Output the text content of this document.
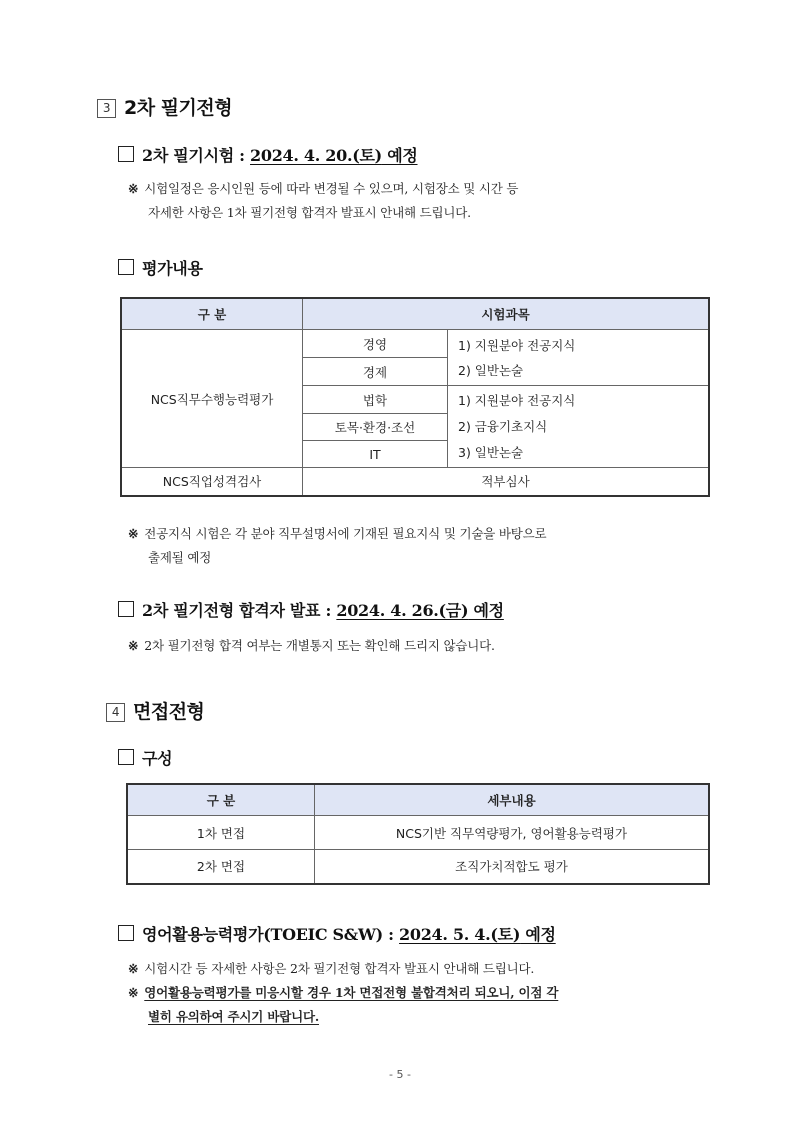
3 2차 필기전형
2차 필기시험 : 2024. 4. 20.(토) 예정
※ 시험일정은 응시인원 등에 따라 변경될 수 있으며, 시험장소 및 시간 등
자세한 사항은 1차 필기전형 합격자 발표시 안내해 드립니다.
평가내용
구 분	시험과목	
NCS직무수행능력평가	경영	1) 지원분야 전공지식
2) 일반논술

	경제	
	법학	1) 지원분야 전공지식
2) 금융기초지식
3) 일반논술

	토목·환경·조선	
	IT	
NCS직업성격검사	적부심사	
※ 전공지식 시험은 각 분야 직무설명서에 기재된 필요지식 및 기술을 바탕으로
출제될 예정
2차 필기전형 합격자 발표 : 2024. 4. 26.(금) 예정
※ 2차 필기전형 합격 여부는 개별통지 또는 확인해 드리지 않습니다.
4 면접전형
구성
구 분	세부내용
1차 면접	NCS기반 직무역량평가, 영어활용능력평가
2차 면접	조직가치적합도 평가
영어활용능력평가(TOEIC S&W) : 2024. 5. 4.(토) 예정
※ 시험시간 등 자세한 사항은 2차 필기전형 합격자 발표시 안내해 드립니다.
※ 영어활용능력평가를 미응시할 경우 1차 면접전형 불합격처리 되오니, 이점 각
별히 유의하여 주시기 바랍니다.
- 5 -
